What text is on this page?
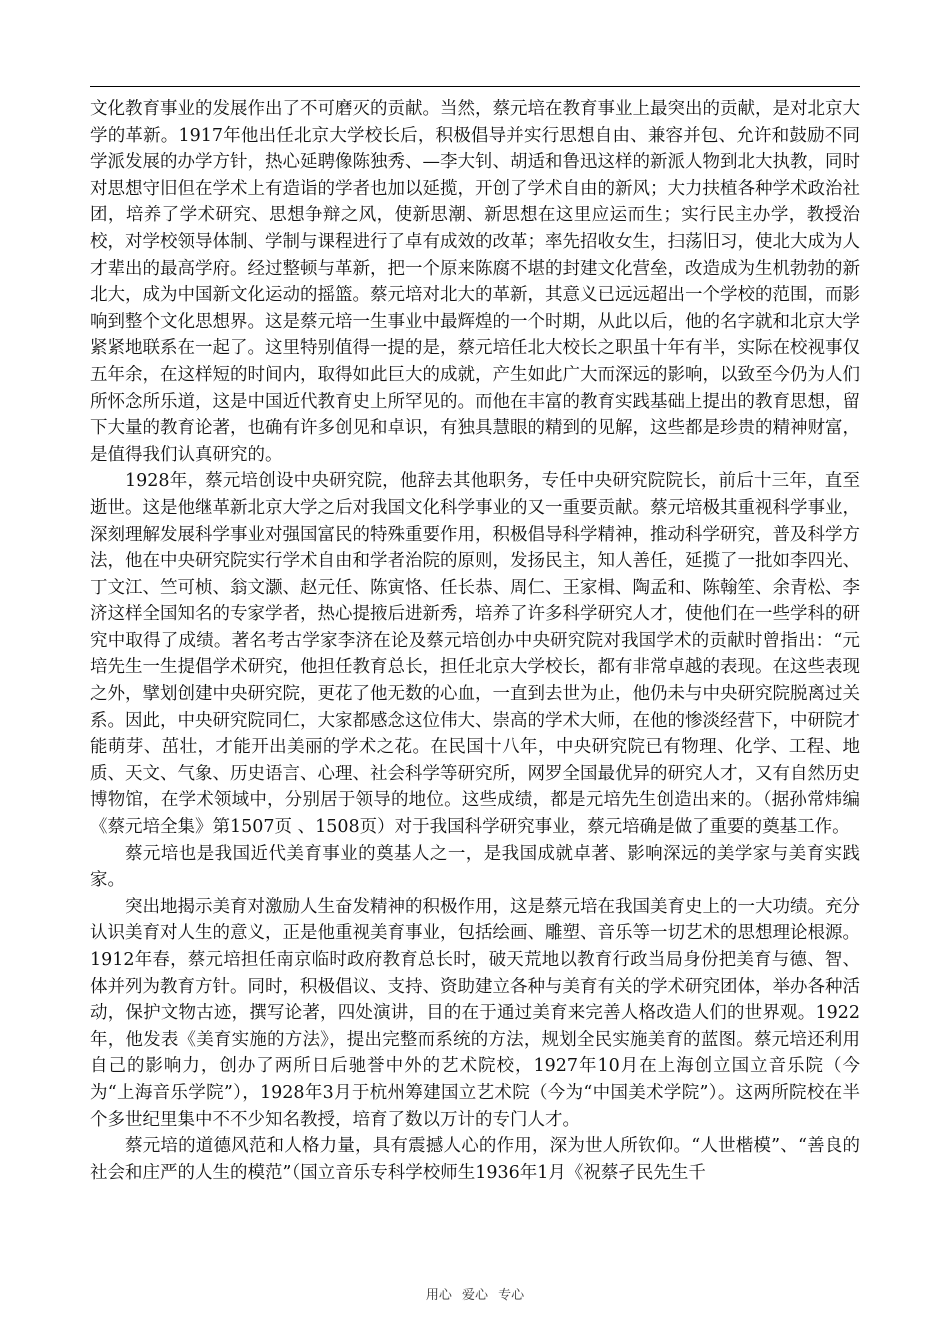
文化教育事业的发展作出了不可磨灭的贡献。当然，蔡元培在教育事业上最突出的贡献，是对北京大学的革新。1917年他出任北京大学校长后，积极倡导并实行思想自由、兼容并包、允许和鼓励不同学派发展的办学方针，热心延聘像陈独秀、—李大钊、胡适和鲁迅这样的新派人物到北大执教，同时对思想守旧但在学术上有造诣的学者也加以延揽，开创了学术自由的新风；大力扶植各种学术政治社团，培养了学术研究、思想争辩之风，使新思潮、新思想在这里应运而生；实行民主办学，教授治校，对学校领导体制、学制与课程进行了卓有成效的改革；率先招收女生，扫荡旧习，使北大成为人才辈出的最高学府。经过整顿与革新，把一个原来陈腐不堪的封建文化营垒，改造成为生机勃勃的新北大，成为中国新文化运动的摇篮。蔡元培对北大的革新，其意义已远远超出一个学校的范围，而影响到整个文化思想界。这是蔡元培一生事业中最辉煌的一个时期，从此以后，他的名字就和北京大学紧紧地联系在一起了。这里特别值得一提的是，蔡元培任北大校长之职虽十年有半，实际在校视事仅五年余，在这样短的时间内，取得如此巨大的成就，产生如此广大而深远的影响，以致至今仍为人们所怀念所乐道，这是中国近代教育史上所罕见的。而他在丰富的教育实践基础上提出的教育思想，留下大量的教育论著，也确有许多创见和卓识，有独具慧眼的精到的见解，这些都是珍贵的精神财富，是值得我们认真研究的。

1928年，蔡元培创设中央研究院，他辞去其他职务，专任中央研究院院长，前后十三年，直至逝世。这是他继革新北京大学之后对我国文化科学事业的又一重要贡献。蔡元培极其重视科学事业，深刻理解发展科学事业对强国富民的特殊重要作用，积极倡导科学精神，推动科学研究，普及科学方法，他在中央研究院实行学术自由和学者治院的原则，发扬民主，知人善任，延揽了一批如李四光、丁文江、竺可桢、翁文灏、赵元任、陈寅恪、任长恭、周仁、王家楫、陶孟和、陈翰笙、余青松、李济这样全国知名的专家学者，热心提掖后进新秀，培养了许多科学研究人才，使他们在一些学科的研究中取得了成绩。著名考古学家李济在论及蔡元培创办中央研究院对我国学术的贡献时曾指出：“元培先生一生提倡学术研究，他担任教育总长，担任北京大学校长，都有非常卓越的表现。在这些表现之外，擘划创建中央研究院，更花了他无数的心血，一直到去世为止，他仍未与中央研究院脱离过关系。因此，中央研究院同仁，大家都感念这位伟大、崇高的学术大师，在他的惨淡经营下，中研院才能萌芽、茁壮，才能开出美丽的学术之花。在民国十八年，中央研究院已有物理、化学、工程、地质、天文、气象、历史语言、心理、社会科学等研究所，网罗全国最优异的研究人才，又有自然历史博物馆，在学术领域中，分别居于领导的地位。这些成绩，都是元培先生创造出来的。（据孙常炜编《蔡元培全集》第1507页 、1508页）对于我国科学研究事业，蔡元培确是做了重要的奠基工作。

蔡元培也是我国近代美育事业的奠基人之一，是我国成就卓著、影响深远的美学家与美育实践家。

突出地揭示美育对激励人生奋发精神的积极作用，这是蔡元培在我国美育史上的一大功绩。充分认识美育对人生的意义，正是他重视美育事业，包括绘画、雕塑、音乐等一切艺术的思想理论根源。1912年春，蔡元培担任南京临时政府教育总长时，破天荒地以教育行政当局身份把美育与德、智、体并列为教育方针。同时，积极倡议、支持、资助建立各种与美育有关的学术研究团体，举办各种活动，保护文物古迹，撰写论著，四处演讲，目的在于通过美育来完善人格改造人们的世界观。1922年，他发表《美育实施的方法》，提出完整而系统的方法，规划全民实施美育的蓝图。蔡元培还利用自己的影响力，创办了两所日后驰誉中外的艺术院校，1927年10月在上海创立国立音乐院（今为“上海音乐学院”），1928年3月于杭州筹建国立艺术院（今为“中国美术学院”）。这两所院校在半个多世纪里集中不不少知名教授，培育了数以万计的专门人才。

蔡元培的道德风范和人格力量，具有震撼人心的作用，深为世人所钦仰。“人世楷模”、“善良的社会和庄严的人生的模范”（国立音乐专科学校师生1936年1月《祝蔡孑民先生千

用心 爱心 专心
